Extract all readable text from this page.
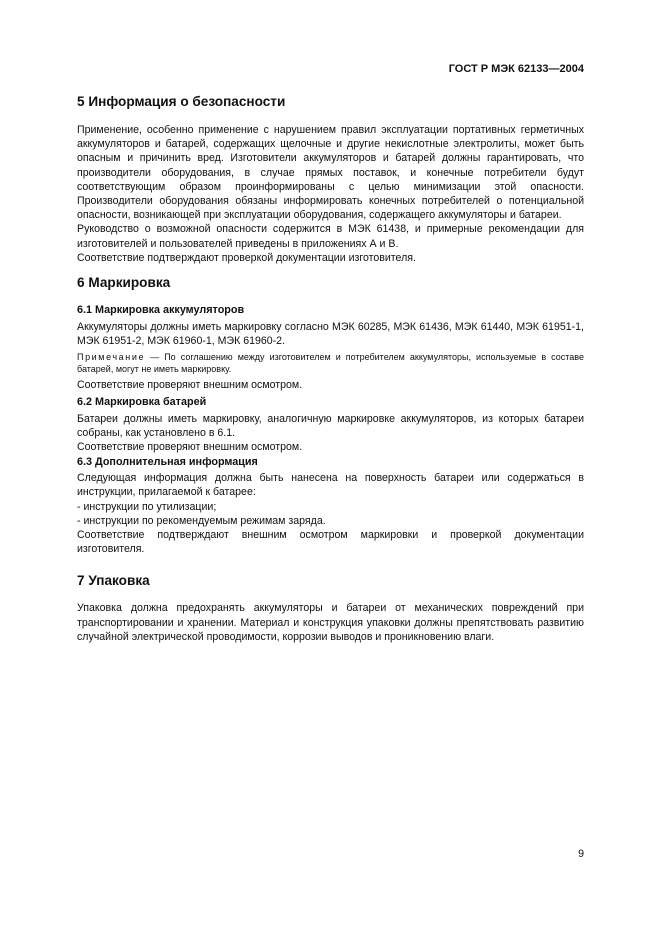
ГОСТ Р МЭК 62133—2004
5 Информация о безопасности

Применение, особенно применение с нарушением правил эксплуатации портативных герметичных аккумуляторов и батарей, содержащих щелочные и другие некислотные электролиты, может быть опасным и причинить вред. Изготовители аккумуляторов и батарей должны гарантировать, что производители оборудования, в случае прямых поставок, и конечные потребители будут соответствующим образом проинформированы с целью минимизации этой опасности. Производители оборудования обязаны информировать конечных потребителей о потенциальной опасности, возникающей при эксплуатации оборудования, содержащего аккумуляторы и батареи.

Руководство о возможной опасности содержится в МЭК 61438, и примерные рекомендации для изготовителей и пользователей приведены в приложениях А и В.

Соответствие подтверждают проверкой документации изготовителя.

6 Маркировка
6.1 Маркировка аккумуляторов

Аккумуляторы должны иметь маркировку согласно МЭК 60285, МЭК 61436, МЭК 61440, МЭК 61951-1, МЭК 61951-2, МЭК 61960-1, МЭК 61960-2.

Примечание — По соглашению между изготовителем и потребителем аккумуляторы, используемые в составе батарей, могут не иметь маркировку.

Соответствие проверяют внешним осмотром.

6.2 Маркировка батарей

Батареи должны иметь маркировку, аналогичную маркировке аккумуляторов, из которых батареи собраны, как установлено в 6.1.

Соответствие проверяют внешним осмотром.

6.3 Дополнительная информация

Следующая информация должна быть нанесена на поверхность батареи или содержаться в инструкции, прилагаемой к батарее:

- инструкции по утилизации;

- инструкции по рекомендуемым режимам заряда.

Соответствие подтверждают внешним осмотром маркировки и проверкой документации изготовителя.

7 Упаковка

Упаковка должна предохранять аккумуляторы и батареи от механических повреждений при транспортировании и хранении. Материал и конструкция упаковки должны препятствовать развитию случайной электрической проводимости, коррозии выводов и проникновению влаги.

9
